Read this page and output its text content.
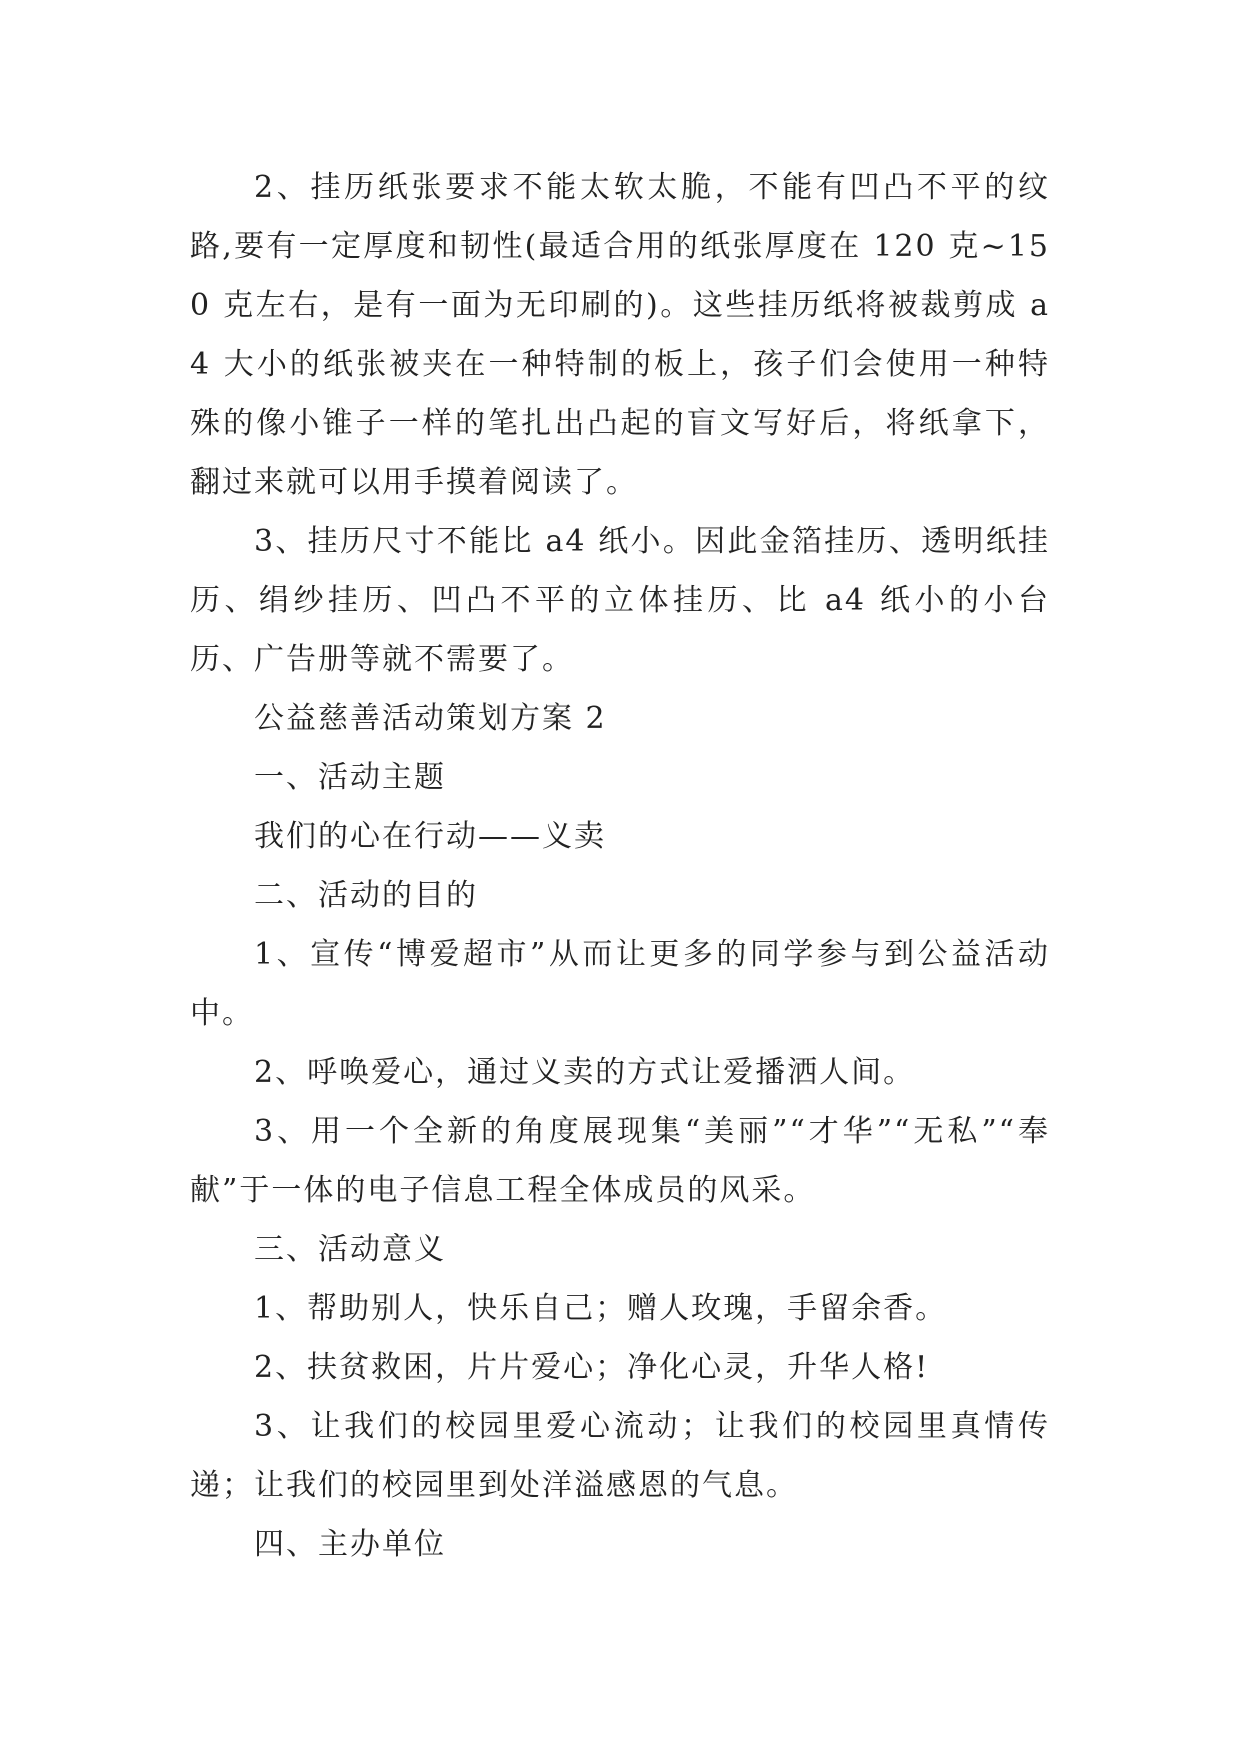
2、挂历纸张要求不能太软太脆，不能有凹凸不平的纹路,要有一定厚度和韧性(最适合用的纸张厚度在 120 克~150 克左右，是有一面为无印刷的)。这些挂历纸将被裁剪成 a4 大小的纸张被夹在一种特制的板上，孩子们会使用一种特殊的像小锥子一样的笔扎出凸起的盲文写好后，将纸拿下，翻过来就可以用手摸着阅读了。

3、挂历尺寸不能比 a4 纸小。因此金箔挂历、透明纸挂历、绢纱挂历、凹凸不平的立体挂历、比 a4 纸小的小台历、广告册等就不需要了。

公益慈善活动策划方案 2

一、活动主题

我们的心在行动——义卖

二、活动的目的

1、宣传“博爱超市”从而让更多的同学参与到公益活动中。

2、呼唤爱心，通过义卖的方式让爱播洒人间。

3、用一个全新的角度展现集“美丽”“才华”“无私”“奉献”于一体的电子信息工程全体成员的风采。

三、活动意义

1、帮助别人，快乐自己；赠人玫瑰，手留余香。

2、扶贫救困，片片爱心；净化心灵，升华人格!

3、让我们的校园里爱心流动；让我们的校园里真情传递；让我们的校园里到处洋溢感恩的气息。

四、主办单位
